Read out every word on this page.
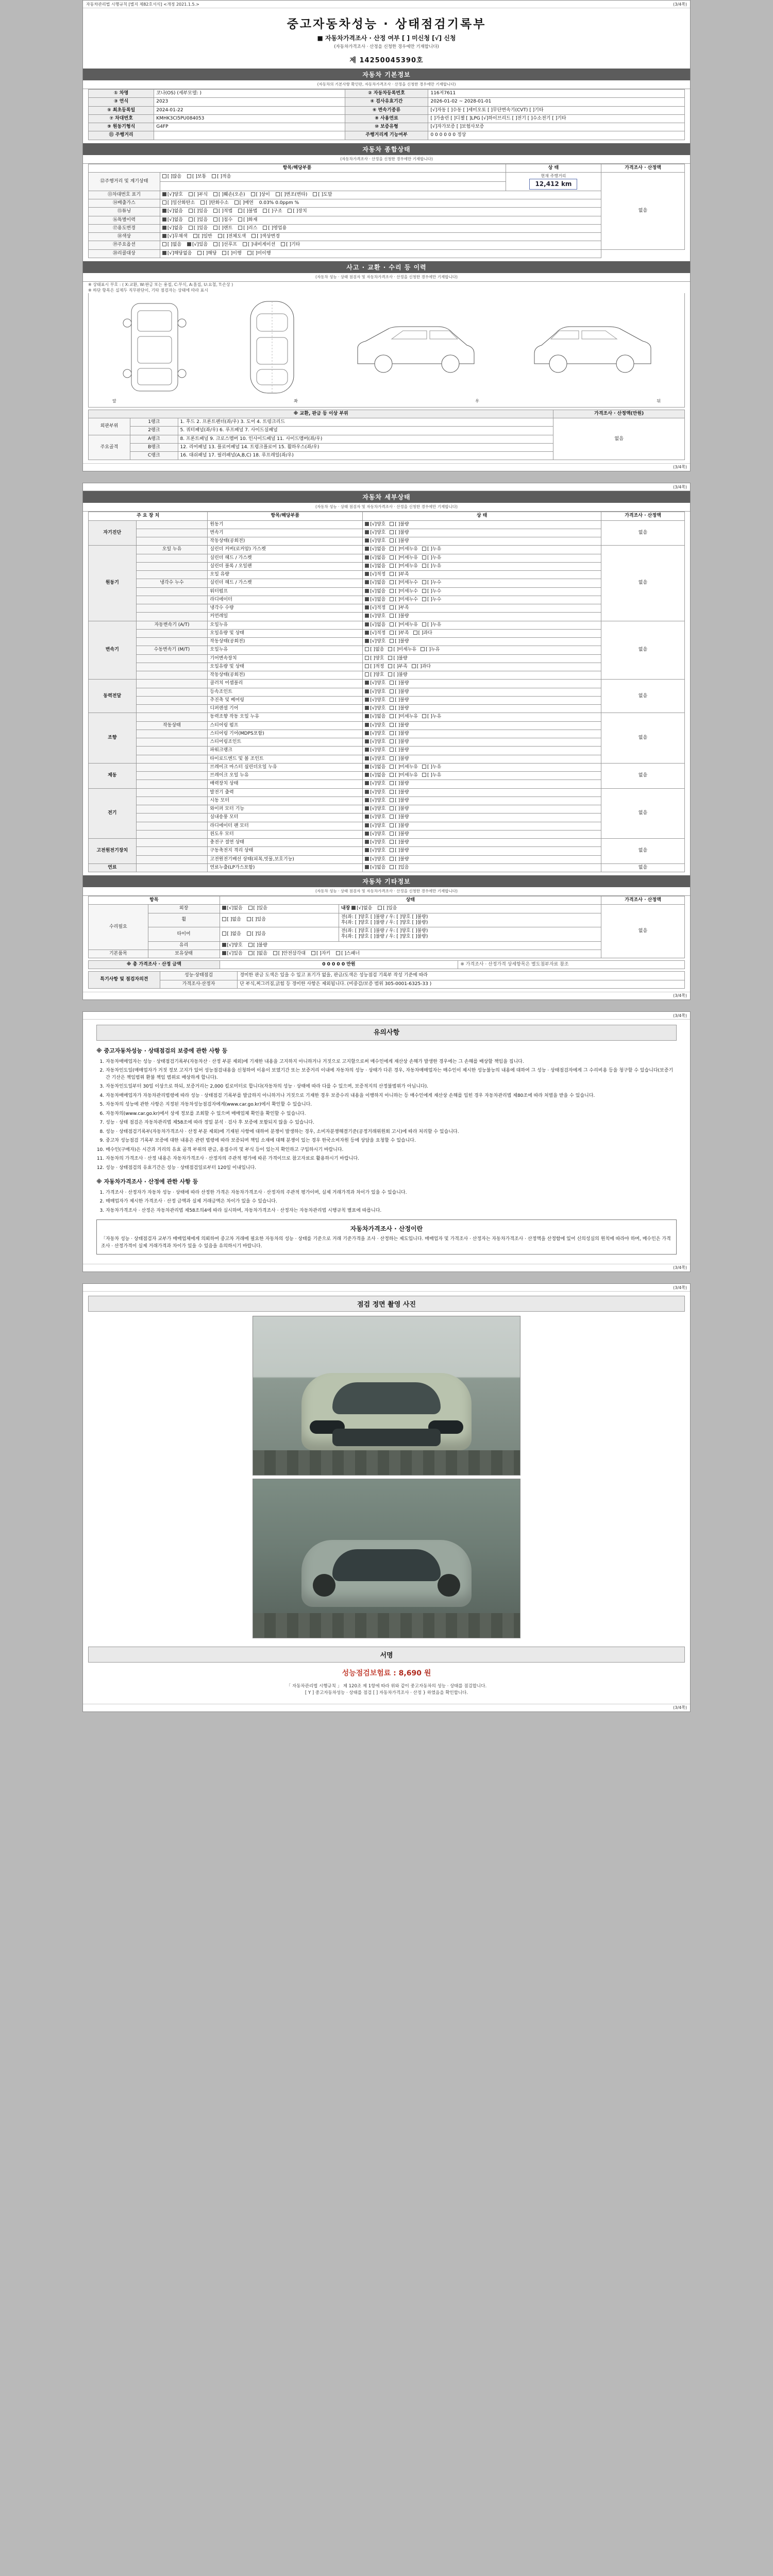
자동차관리법 시행규칙 [별지 제82호서식] <개정 2021.1.5.>	(3/4쪽)
중고자동차성능 · 상태점검기록부
■ 자동차가격조사 · 산정 여부 [ ] 미신청 [√] 신청
(자동차가격조사 · 산정을 신청한 경우에만 기재합니다)
제 14250045390호
자동차 기본정보
(자동차의 기본사항 확인란, 자동차가격조사 · 산정을 신청한 경우에만 기재합니다)
① 차명	코나(OS) (세부모델: )	② 자동차등록번호	116저7611
③ 연식	2023	④ 검사유효기간	2026-01-02 ~ 2028-01-01
⑤ 최초등록일	2024-01-22	⑥ 변속기종류	[√]자동 [ ]수동 [ ]세미오토 [ ]무단변속기(CVT) [ ]기타
⑦ 차대번호	KMHK3CI5PU084053	⑧ 사용연료	[ ]가솔린 [ ]디젤 [ ]LPG [√]하이브리드 [ ]전기 [ ]수소전기 [ ]기타
⑨ 원동기형식	G4FP	⑩ 보증유형	[√]자가보증 [ ]보험사보증
⑪ 주행거리		주행거리계 기능여부	0 0 0 0 0 0 정상
자동차 종합상태
(자동차가격조사 · 산정을 신청한 경우에만 기재합니다)
항목/해당부품		상 태	가격조사 · 산정액
⑫주행거리 및 계기상태	[ ]많음 [ ]보통 [ ]적음	현재 주행거리
12,412 km	없음

⑬차대번호 표기	[√]양호 [ ]부식 [ ]훼손(오손) [ ]상이 [ ]변조(변타) [ ]도말		
⑭배출가스	[ ]일산화탄소 [ ]탄화수소 [ ]매연 0.03% 0.0ppm %		
⑮튜닝	[√]없음 [ ]있음 [ ]적법 [ ]불법 [ ]구조 [ ]장치		
⑯특별이력	[√]없음 [ ]있음 [ ]침수 [ ]화재		
⑰용도변경	[√]없음 [ ]있음 [ ]렌트 [ ]리스 [ ]영업용		
⑱색상	[√]무채색 [ ]일반 [ ]전체도색 [ ]색상변경		
⑲주요옵션	[ ]없음 [√]있음 [ ]선루프 [ ]내비게이션 [ ]기타		
⑳리콜대상	[√]해당없음 [ ]해당 [ ]이행 [ ]미이행		
사고 · 교환 · 수리 등 이력
(자동차 성능 · 상태 점검자 및 자동차가격조사 · 산정을 신청한 경우에만 기재합니다)
※ 상태표시 부호 : ( X:교환, W:판금 또는 용접, C:부식, A:흠집, U:요철, T:손상 )
※ 하단 항목은 실제두 직무판단이, 기타 점검자는 상태에 따라 표시
앞	좌	우	뒤
※ 교환, 판금 등 이상 부위			가격조사 · 산정액(만원)
외판부위	1랭크	1. 후드 2. 프론트펜더(좌/우) 3. 도어 4. 트렁크리드	없음
	2랭크	5. 쿼터패널(좌/우) 6. 루프패널 7. 사이드실패널	
주요골격	A랭크	8. 프론트패널 9. 크로스멤버 10. 인사이드패널 11. 사이드멤버(좌/우)	
	B랭크	12. 리어패널 13. 플로어패널 14. 트렁크플로어 15. 휠하우스(좌/우)	
	C랭크	16. 대쉬패널 17. 필러패널(A,B,C) 18. 루프레일(좌/우)	
(3/4쪽)

(3/4쪽)
자동차 세부상태
(자동차 성능 · 상태 점검자 및 자동차가격조사 · 산정을 신청한 경우에만 기재합니다)
주 요 장 치		항목/해당부품	상 태	가격조사 · 산정액
자기진단		원동기	[√]양호 [ ]불량	없음
		변속기	[√]양호 [ ]불량	
		작동상태(공회전)	[√]양호 [ ]불량	
원동기	오일 누유	실린더 커버(로커암) 가스켓	[√]없음 [ ]미세누유 [ ]누유	없음
		실린더 헤드 / 가스켓	[√]없음 [ ]미세누유 [ ]누유	
		실린더 블록 / 오일팬	[√]없음 [ ]미세누유 [ ]누유	
		오일 유량	[√]적정 [ ]부족	
	냉각수 누수	실린더 헤드 / 가스켓	[√]없음 [ ]미세누수 [ ]누수	
		워터펌프	[√]없음 [ ]미세누수 [ ]누수	
		라디에이터	[√]없음 [ ]미세누수 [ ]누수	
		냉각수 수량	[√]적정 [ ]부족	
		커먼레일	[√]양호 [ ]불량	
변속기	자동변속기 (A/T)	오일누유	[√]없음 [ ]미세누유 [ ]누유	없음
		오일유량 및 상태	[√]적정 [ ]부족 [ ]과다	
		작동상태(공회전)	[√]양호 [ ]불량	
	수동변속기 (M/T)	오일누유	[ ]없음 [ ]미세누유 [ ]누유	
		기어변속장치	[ ]양호 [ ]불량	
		오일유량 및 상태	[ ]적정 [ ]부족 [ ]과다	
		작동상태(공회전)	[ ]양호 [ ]불량	
동력전달		클러치 어셈블리	[√]양호 [ ]불량	없음
		등속조인트	[√]양호 [ ]불량	
		추진축 및 베어링	[√]양호 [ ]불량	
		디퍼렌셜 기어	[√]양호 [ ]불량	
조향		동력조향 작동 오일 누유	[√]없음 [ ]미세누유 [ ]누유	없음
	작동상태	스티어링 펌프	[√]양호 [ ]불량	
		스티어링 기어(MDPS포함)	[√]양호 [ ]불량	
		스티어링조인트	[√]양호 [ ]불량	
		파워크랭크	[√]양호 [ ]불량	
		타이로드엔드 및 볼 조인트	[√]양호 [ ]불량	
제동		브레이크 마스터 실린더오일 누유	[√]없음 [ ]미세누유 [ ]누유	없음
		브레이크 오일 누유	[√]없음 [ ]미세누유 [ ]누유	
		배력장치 상태	[√]양호 [ ]불량	
전기		발전기 출력	[√]양호 [ ]불량	없음
		시동 모터	[√]양호 [ ]불량	
		와이퍼 모터 기능	[√]양호 [ ]불량	
		실내송풍 모터	[√]양호 [ ]불량	
		라디에이터 팬 모터	[√]양호 [ ]불량	
		윈도우 모터	[√]양호 [ ]불량	
고전원전기장치		충전구 절연 상태	[√]양호 [ ]불량	없음
		구동축전지 격리 상태	[√]양호 [ ]불량	
		고전원전기배선 상태(피복,빗물,보호기능)	[√]양호 [ ]불량	
연료		연료누출(LP가스포함)	[√]없음 [ ]있음	없음
자동차 기타정보
(자동차 성능 · 상태 점검자 및 자동차가격조사 · 산정을 신청한 경우에만 기재합니다)
항목		상태		가격조사 · 산정액
수리필요	외장	[√]없음 [ ]있음	내장 [√]없음 [ ]있음	없음
	휠	[ ]없음 [ ]있음	전(좌: [ ]양호 [ ]불량 / 우: [ ]양호 [ ]불량)
후(좌: [ ]양호 [ ]불량 / 우: [ ]양호 [ ]불량)	

	타이어	[ ]없음 [ ]있음	전(좌: [ ]양호 [ ]불량 / 우: [ ]양호 [ ]불량)
후(좌: [ ]양호 [ ]불량 / 우: [ ]양호 [ ]불량)	

	유리	[√]양호 [ ]불량		
기본품목	보유상태	[√]있음 [ ]없음 [ ]안전삼각대 [ ]자키 [ ]스패너		
※ 총 가격조사 · 산정 금액	0 0 0 0 0 만원	※ 가격조사 · 산정가격 상세항목은 별도첨부자료 참조
특기사항 및 점검자의견	성능·상태점검	경미한 판금 도색은 있을 수 있고 표기가 없을, 판금/도색은 성능점검 기록부 작성 기준에 따라
	가격조사·산정자	단 부식,찌그러짐,긁힘 등 경미한 사항은 제외됩니다. (비중감/보증 범위 305-0001-6325-33 )
(3/4쪽)

(3/4쪽)
유의사항
※ 중고자동차성능 · 상태점검의 보증에 관한 사항 등
1. 자동차매매업자는 성능 · 상태점검기록부(자동차산 · 산정 부분 제외)에 기재한 내용을 고지하지 아니하거나 거짓으로 고지할으로써 매수인에게 재산상 손해가 발생한 경우에는 그 손해를 배상할 책임을 집니다.
2. 자동차인도일(매매업자가 거짓 정보 고지가 있어 성능점검내용을 신청하여 이용이 보였기간 또는 보증거리 이내에 자동차의 성능 · 상태가 다른 경우, 자동차매매업자는 매수인이 제시한 성능불능의 내용에 대하여 그 성능 · 상태점검자에게 그 수리비용 등을 청구할 수 있습니다(보증기간 기산은 책임범위 환불 책임 범위로 배상하게 합니다).
3. 자동차인도일부터 30일 이상으로 하되, 보증거리는 2,000 킬로미터로 합니다(자동차의 성능 · 상태에 따라 다를 수 있으며, 보증적지의 산정불범위가 아닙니다).
4. 자동차매매업자가 자동차관리법령에 따라 성능 · 상태점검 기록부를 발급하지 아니하거나 거짓으로 기재한 경우 보증수리 내용을 이행하지 아니하는 등 매수인에게 재산상 손해를 입힌 경우 자동차관리법 제80조에 따라 처벌을 받을 수 있습니다.
5. 자동차의 성능에 관한 사항은 지정된 자동차성능점검자에게(www.car.go.kr)에서 확인할 수 있습니다.
6. 자동차의(www.car.go.kr)에서 상세 정보를 조회할 수 있으며 매매업체 확인을 확인할 수 있습니다.
7. 성능 · 상태 점검은 자동차관리법 제58조에 따라 정밀 분석 · 검사 후 보증에 포함되지 않을 수 있습니다.
8. 성능 · 상태점검기록부(자동차가격조사 · 산정 부분 제외)에 기재된 사항에 대하여 분쟁이 발생하는 경우, 소비자분쟁해결기준(공정거래위원회 고시)에 따라 처리할 수 있습니다.
9. 중고차 성능점검 기록부 보증에 대한 내용은 관련 법령에 따라 보증되며 책임 소재에 대해 분쟁이 있는 경우 한국소비자원 등에 상담을 요청할 수 있습니다.
10. 매수인(구매자)은 시간과 거리의 유효 골격 부위의 판금, 용접수리 및 부식 등이 있는지 확인하고 구입하시기 바랍니다.
11. 자동차의 가격조사 · 산정 내용은 자동차가격조사 · 산정자의 주관적 평가에 따른 가격이므로 참고자료로 활용하시기 바랍니다.
12. 성능 · 상태점검의 유효기간은 성능 · 상태점검일로부터 120일 이내입니다.
※ 자동차가격조사 · 산정에 관한 사항 등
1. 가격조사 · 산정자가 자동차 성능 · 상태에 따라 산정한 가격은 자동차가격조사 · 산정자의 주관적 평가이며, 실제 거래가격과 차이가 있을 수 있습니다.
2. 매매업자가 제시한 가격조사 · 산정 금액과 실제 거래금액은 차이가 있을 수 있습니다.
3. 자동차가격조사 · 산정은 자동차관리법 제58조의4에 따라 실시하며, 자동차가격조사 · 산정자는 자동차관리법 시행규칙 별표에 따릅니다.
자동차가격조사 · 산정이란
「자동차 성능 · 상태점검자 교부가 매매업체에게 의뢰하여 중고차 거래에 필요한 자동차의 성능 · 상태를 기준으로 거래 기준가격을 조사 · 산정하는 제도입니다. 매매업자 및 가격조사 · 산정자는 자동차가격조사 · 산정액을 산정함에 있어 신의성실의 원칙에 따라야 하며, 매수인은 가격조사 · 산정가격이 실제 거래가격과 차이가 있을 수 있음을 유의하시기 바랍니다.
(3/4쪽)

(3/4쪽)
점검 정면 촬영 사진
서명
성능점검보험료 : 8,690 원
「 자동차관리법 시행규칙 」 제 120조 제 1항에 따라 위와 같이 중고자동차의 성능 · 상태를 점검합니다.
[ Y ] 중고자동차성능 · 상태를 점검 [ ] 자동차가격조사 · 산정 } 하였음을 확인합니다.
(3/4쪽)
